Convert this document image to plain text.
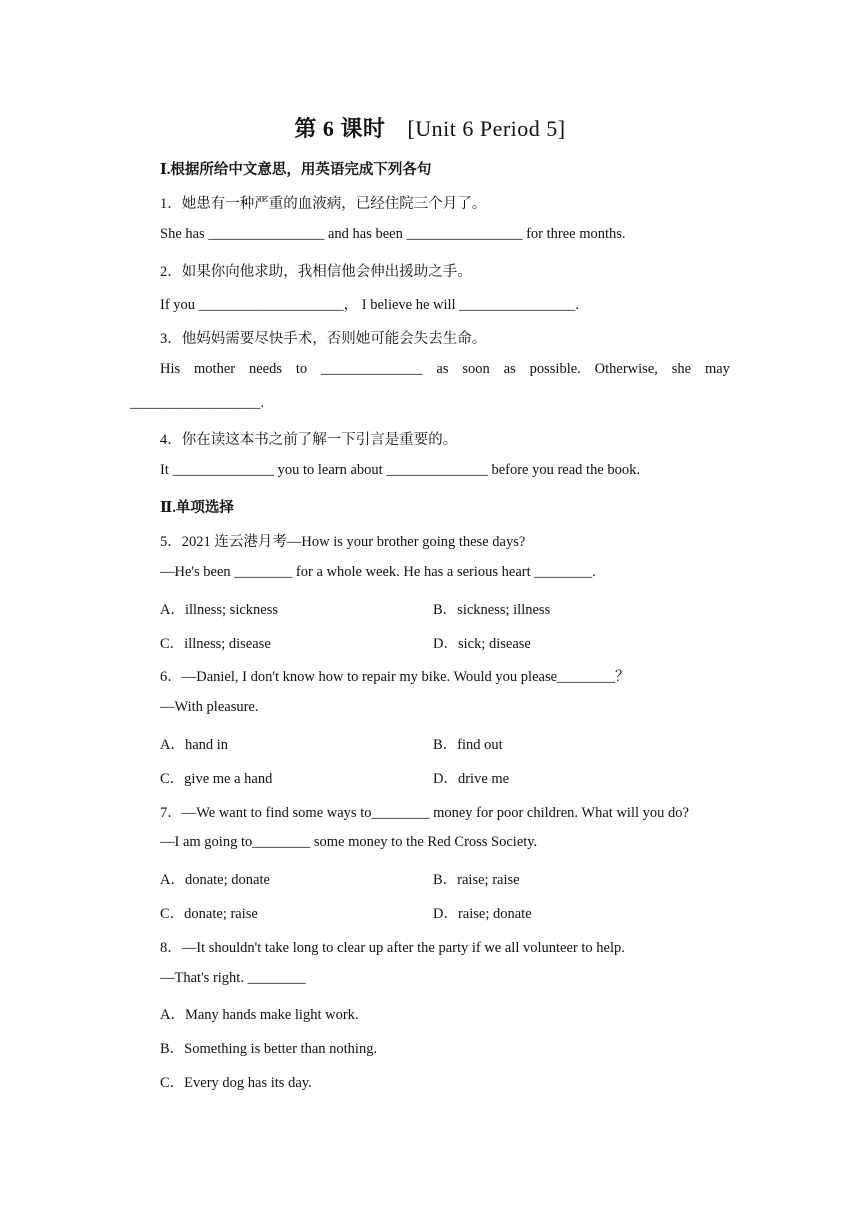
第 6 课时 [Unit 6 Period 5]
Ⅰ.根据所给中文意思，用英语完成下列各句
1．她患有一种严重的血液病，已经住院三个月了。
She has ________________ and has been ________________ for three months.
2．如果你向他求助，我相信他会伸出援助之手。
If you ____________________， I believe he will ________________.
3．他妈妈需要尽快手术，否则她可能会失去生命。
His mother needs to ______________ as soon as possible. Otherwise, she may
__________________.
4．你在读这本书之前了解一下引言是重要的。
It ______________ you to learn about ______________ before you read the book.
Ⅱ.单项选择
5．2021 连云港月考—How is your brother going these days?
—He's been ________ for a whole week. He has a serious heart ________.
A．illness; sickness	B．sickness; illness
C．illness; disease	D．sick; disease
6．—Daniel, I don't know how to repair my bike. Would you please________？
—With pleasure.
A．hand in	B．find out
C．give me a hand	D．drive me
7．—We want to find some ways to________ money for poor children. What will you do?
—I am going to________ some money to the Red Cross Society.
A．donate; donate	B．raise; raise
C．donate; raise	D．raise; donate
8．—It shouldn't take long to clear up after the party if we all volunteer to help.
—That's right. ________
A．Many hands make light work.
B．Something is better than nothing.
C．Every dog has its day.
